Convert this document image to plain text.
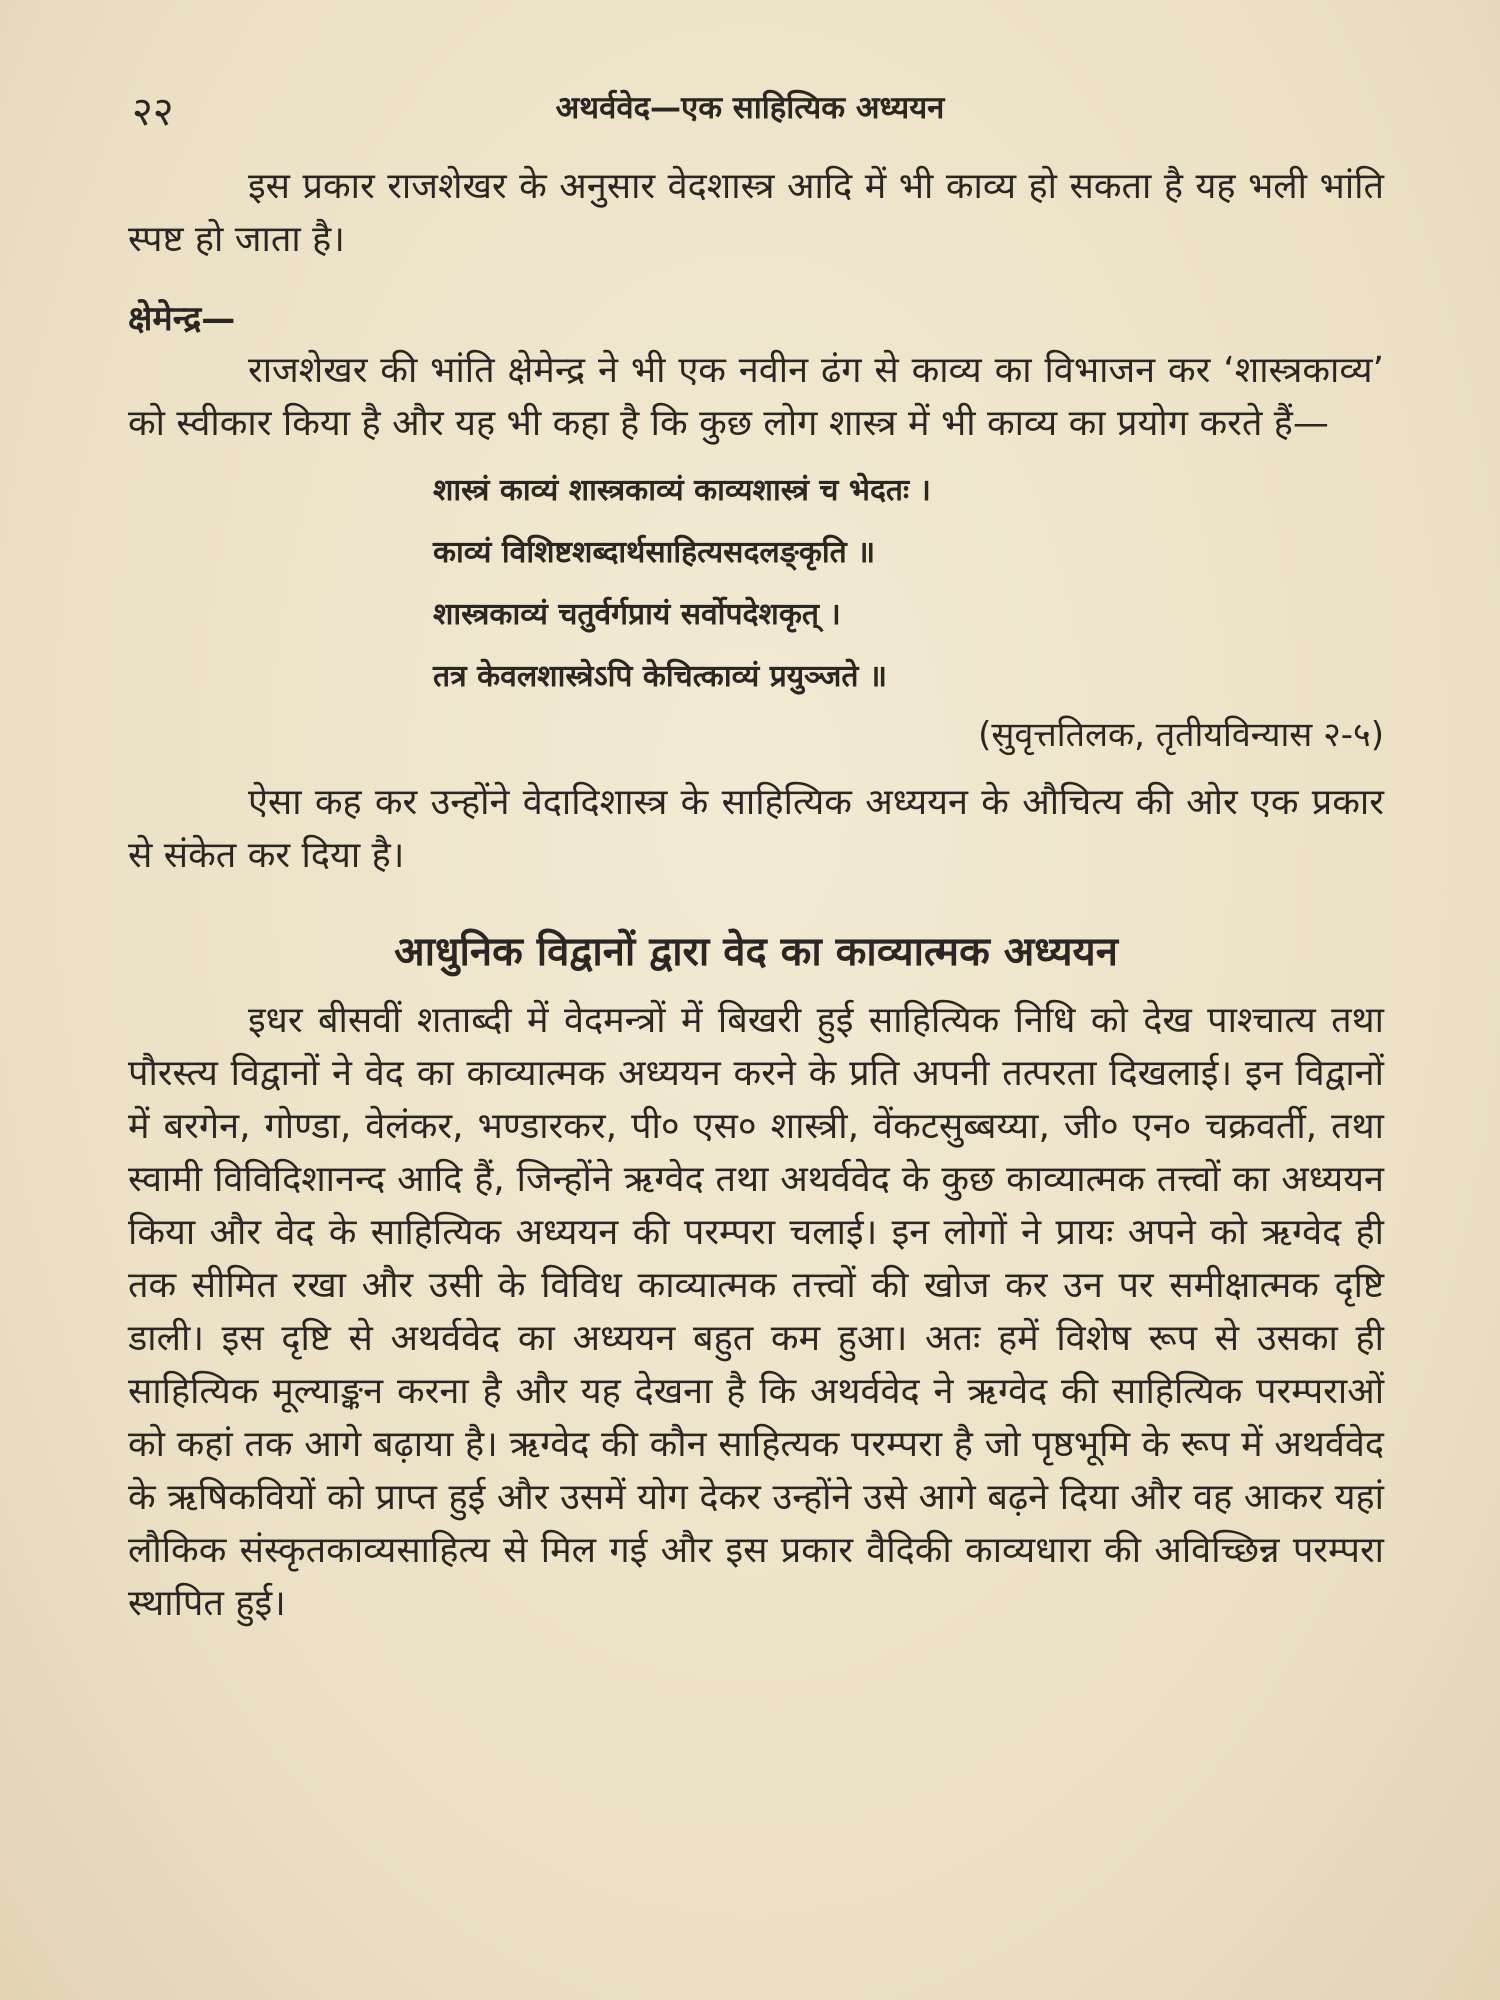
२२	अथर्ववेद—एक साहित्यिक अध्ययन

इस प्रकार राजशेखर के अनुसार वेदशास्त्र आदि में भी काव्य हो सकता है यह भली भांति स्पष्ट हो जाता है।

क्षेमेन्द्र—

राजशेखर की भांति क्षेमेन्द्र ने भी एक नवीन ढंग से काव्य का विभाजन कर ‘शास्त्रकाव्य’ को स्वीकार किया है और यह भी कहा है कि कुछ लोग शास्त्र में भी काव्य का प्रयोग करते हैं—

शास्त्रं काव्यं शास्त्रकाव्यं काव्यशास्त्रं च भेदतः ।
काव्यं विशिष्टशब्दार्थसाहित्यसदलङ्कृति ॥
शास्त्रकाव्यं चतुर्वर्गप्रायं सर्वोपदेशकृत् ।
तत्र केवलशास्त्रेऽपि केचित्काव्यं प्रयुञ्जते ॥
(सुवृत्ततिलक, तृतीयविन्यास २-५)

ऐसा कह कर उन्होंने वेदादिशास्त्र के साहित्यिक अध्ययन के औचित्य की ओर एक प्रकार से संकेत कर दिया है।

आधुनिक विद्वानों द्वारा वेद का काव्यात्मक अध्ययन

इधर बीसवीं शताब्दी में वेदमन्त्रों में बिखरी हुई साहित्यिक निधि को देख पाश्चात्य तथा पौरस्त्य विद्वानों ने वेद का काव्यात्मक अध्ययन करने के प्रति अपनी तत्परता दिखलाई। इन विद्वानों में बरगेन, गोण्डा, वेलंकर, भण्डारकर, पी० एस० शास्त्री, वेंकटसुब्बय्या, जी० एन० चक्रवर्ती, तथा स्वामी विविदिशानन्द आदि हैं, जिन्होंने ऋग्वेद तथा अथर्ववेद के कुछ काव्यात्मक तत्त्वों का अध्ययन किया और वेद के साहित्यिक अध्ययन की परम्परा चलाई। इन लोगों ने प्रायः अपने को ऋग्वेद ही तक सीमित रखा और उसी के विविध काव्यात्मक तत्त्वों की खोज कर उन पर समीक्षात्मक दृष्टि डाली। इस दृष्टि से अथर्ववेद का अध्ययन बहुत कम हुआ। अतः हमें विशेष रूप से उसका ही साहित्यिक मूल्याङ्कन करना है और यह देखना है कि अथर्ववेद ने ऋग्वेद की साहित्यिक परम्पराओं को कहां तक आगे बढ़ाया है। ऋग्वेद की कौन साहित्यक परम्परा है जो पृष्ठभूमि के रूप में अथर्ववेद के ऋषिकवियों को प्राप्त हुई और उसमें योग देकर उन्होंने उसे आगे बढ़ने दिया और वह आकर यहां लौकिक संस्कृतकाव्यसाहित्य से मिल गई और इस प्रकार वैदिकी काव्यधारा की अविच्छिन्न परम्परा स्थापित हुई।
